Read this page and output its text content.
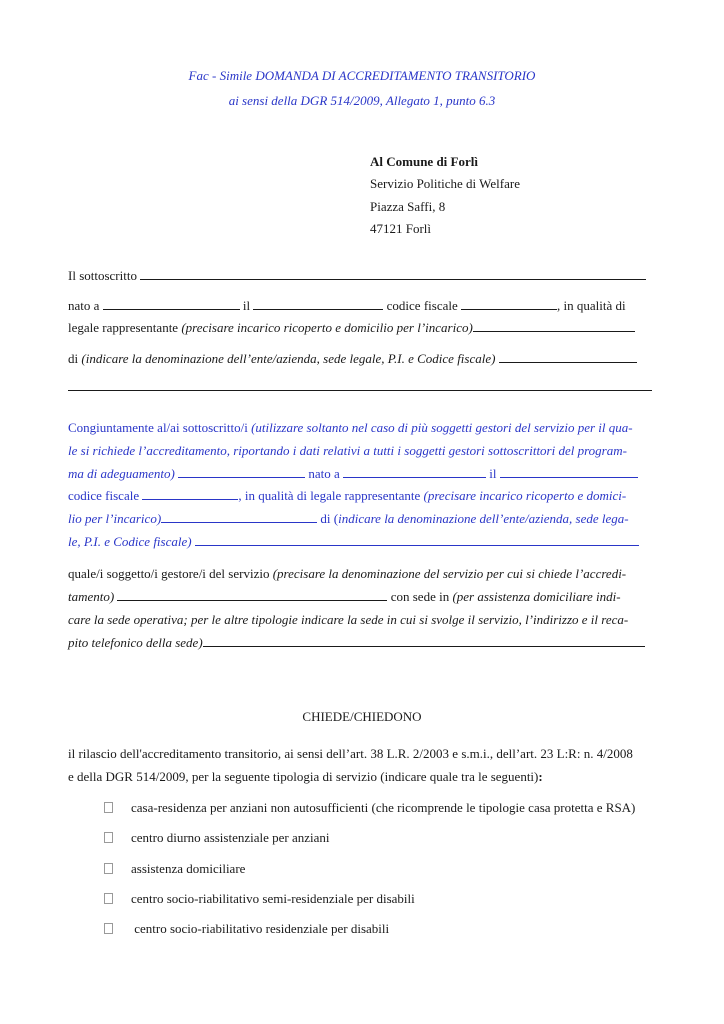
Fac - Simile DOMANDA DI ACCREDITAMENTO TRANSITORIO
ai sensi della DGR 514/2009, Allegato 1, punto 6.3
Al Comune di Forlì
Servizio Politiche di Welfare
Piazza Saffi, 8
47121 Forlì
Il sottoscritto
nato a	il	codice fiscale	, in qualità di
legale rappresentante (precisare incarico ricoperto e domicilio per l’incarico)
di (indicare la denominazione dell’ente/azienda, sede legale, P.I. e Codice fiscale)
Congiuntamente al/ai sottoscritto/i (utilizzare soltanto nel caso di più soggetti gestori del servizio per il qua-
le si richiede l’accreditamento, riportando i dati relativi a tutti i soggetti gestori sottoscrittori del program-
ma di adeguamento)	nato a	il
codice fiscale	, in qualità di legale rappresentante (precisare incarico ricoperto e domici-
lio per l’incarico)	di (indicare la denominazione dell’ente/azienda, sede lega-
le, P.I. e Codice fiscale)
quale/i soggetto/i gestore/i del servizio (precisare la denominazione del servizio per cui si chiede l’accredi-
tamento)	con sede in (per assistenza domiciliare indi-
care la sede operativa; per le altre tipologie indicare la sede in cui si svolge il servizio, l’indirizzo e il reca-
pito telefonico della sede)
CHIEDE/CHIEDONO
il rilascio dell'accreditamento transitorio, ai sensi dell’art. 38 L.R. 2/2003 e s.m.i., dell’art. 23 L:R: n. 4/2008
e della DGR 514/2009, per la seguente tipologia di servizio (indicare quale tra le seguenti):
casa-residenza per anziani non autosufficienti (che ricomprende le tipologie casa protetta e RSA)
centro diurno assistenziale per anziani
assistenza domiciliare
centro socio-riabilitativo semi-residenziale per disabili
centro socio-riabilitativo residenziale per disabili
